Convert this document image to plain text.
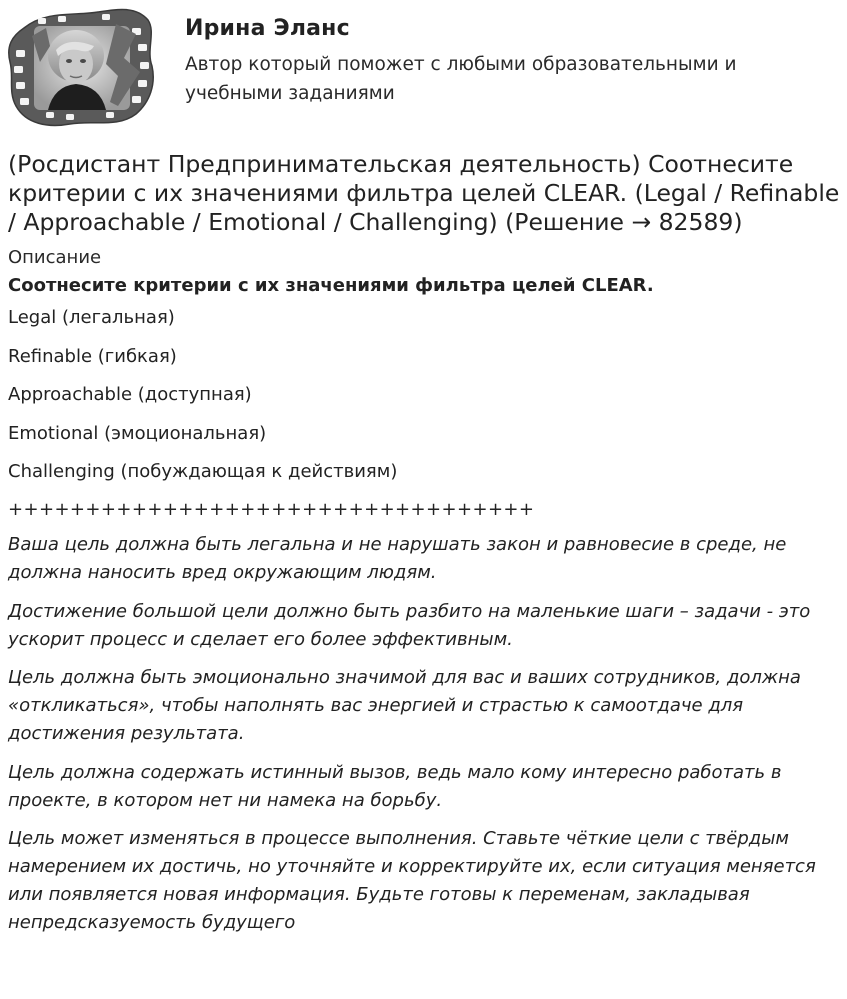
Ирина Эланс
Автор который поможет с любыми образовательными и учебными заданиями
(Росдистант Предпринимательская деятельность) Соотнесите критерии с их значениями фильтра целей CLEAR. (Legal / Refinable / Approachable / Emotional / Challenging) (Решение → 82589)
Описание
Соотнесите критерии с их значениями фильтра целей CLEAR.
Legal (легальная)
Refinable (гибкая)
Approachable (доступная)
Emotional (эмоциональная)
Challenging (побуждающая к действиям)
++++++++++++++++++++++++++++++++++

Ваша цель должна быть легальна и не нарушать закон и равновесие в среде, не должна наносить вред окружающим людям.

Достижение большой цели должно быть разбито на маленькие шаги – задачи - это ускорит процесс и сделает его более эффективным.

Цель должна быть эмоционально значимой для вас и ваших сотрудников, должна «откликаться», чтобы наполнять вас энергией и страстью к самоотдаче для достижения результата.

Цель должна содержать истинный вызов, ведь мало кому интересно работать в проекте, в котором нет ни намека на борьбу.

Цель может изменяться в процессе выполнения. Ставьте чёткие цели с твёрдым намерением их достичь, но уточняйте и корректируйте их, если ситуация меняется или появляется новая информация. Будьте готовы к переменам, закладывая непредсказуемость будущего
